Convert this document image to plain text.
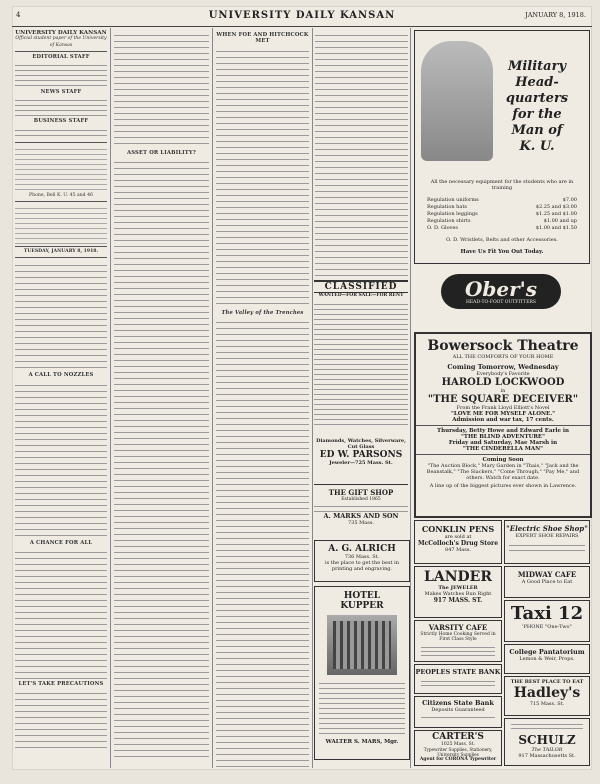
4	UNIVERSITY DAILY KANSAN	JANUARY 8, 1918.
UNIVERSITY DAILY KANSAN
Official student paper of the University of Kansas
EDITORIAL STAFF
NEWS STAFF
BUSINESS STAFF
Phone, Bell K. U. 45 and 46
TUESDAY, JANUARY 8, 1918.
A CALL TO NOZZLES
A CHANCE FOR ALL
LET'S TAKE PRECAUTIONS
ASSET OR LIABILITY?
WHEN FOE AND HITCHCOCK MET
The Valley of the Trenches
CLASSIFIED
WANTED—FOR SALE—FOR RENT
Military
Head-
quarters
for the
Man of
K. U.
All the necessary equipment for the students who are in training
Regulation uniforms	$7.00
Regulation hats	$2.25 and $3.00
Regulation leggings	$1.25 and $1.00
Regulation shirts	$1.00 and up
O. D. Gloves	$1.00 and $1.50
O. D. Wristlets, Belts and other Accessories.
Have Us Fit You Out Today.
Ober's
HEAD-TO-FOOT OUTFITTERS
Bowersock Theatre
ALL THE COMFORTS OF YOUR HOME
Coming Tomorrow, Wednesday
Everybody's Favorite
HAROLD LOCKWOOD
in
"THE SQUARE DECEIVER"
From the Frank Lloyd Elliott's Novel
"LOVE ME FOR MYSELF ALONE."
Admission and war tax, 17 cents.
Thursday, Betty Howe and Edward Earle in
"THE BLIND ADVENTURE"
Friday and Saturday, Mae Marsh in
"THE CINDERELLA MAN"
Coming Soon
"The Auction Block," Mary Garden in "Thais," "Jack and the Beanstalk," "The Slackers," "Come Through," "Pay Me," and others. Watch for exact date.
A line up of the biggest pictures ever shown in Lawrence.
Diamonds, Watches, Silverware,
Cut Glass
ED W. PARSONS
Jeweler—725 Mass. St.
THE GIFT SHOP
Established 1865
A. MARKS AND SON
735 Mass.
A. G. ALRICH
736 Mass. St.
is the place to get the best in printing and engraving.
HOTEL KUPPER
WALTER S. MARS, Mgr.
CONKLIN PENS
are sold at
McColloch's Drug Store
847 Mass.
"Electric Shoe Shop"
EXPERT SHOE REPAIRS
LANDER
The JEWELER
Makes Watches Run Right
917 MASS. ST.
MIDWAY CAFE
A Good Place to Eat
Taxi 12
'PHONE "One-Two"
VARSITY CAFE
Strictly Home Cooking Served in First Class Style
College Pantatorium
Lemon & Weir, Props.
PEOPLES STATE BANK
THE BEST PLACE TO EAT
Hadley's
715 Mass. St.
Citizens State Bank
Deposits Guaranteed
SCHULZ
The TAILOR
917 Massachusetts St.
CARTER'S
1025 Mass. St.
Typewriter Supplies, Stationery, University Supplies
Agent for CORONA Typewriter
